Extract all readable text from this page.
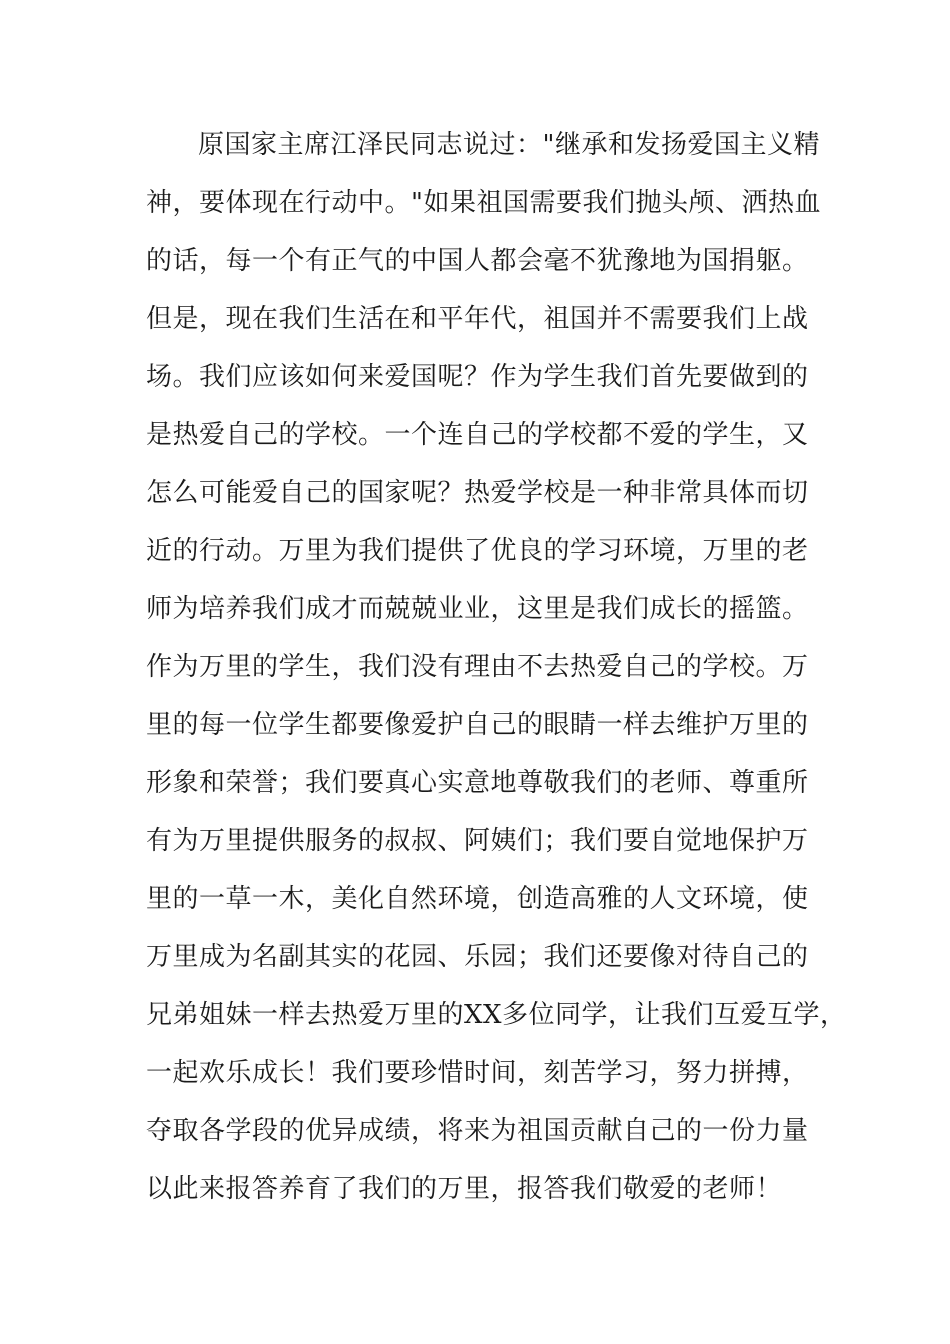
原国家主席江泽民同志说过："继承和发扬爱国主义精
神，要体现在行动中。"如果祖国需要我们抛头颅、洒热血
的话，每一个有正气的中国人都会毫不犹豫地为国捐躯。
但是，现在我们生活在和平年代，祖国并不需要我们上战
场。我们应该如何来爱国呢？作为学生我们首先要做到的
是热爱自己的学校。一个连自己的学校都不爱的学生，又
怎么可能爱自己的国家呢？热爱学校是一种非常具体而切
近的行动。万里为我们提供了优良的学习环境，万里的老
师为培养我们成才而兢兢业业，这里是我们成长的摇篮。
作为万里的学生，我们没有理由不去热爱自己的学校。万
里的每一位学生都要像爱护自己的眼睛一样去维护万里的
形象和荣誉；我们要真心实意地尊敬我们的老师、尊重所
有为万里提供服务的叔叔、阿姨们；我们要自觉地保护万
里的一草一木，美化自然环境，创造高雅的人文环境，使
万里成为名副其实的花园、乐园；我们还要像对待自己的
兄弟姐妹一样去热爱万里的XX多位同学，让我们互爱互学，
一起欢乐成长！我们要珍惜时间，刻苦学习，努力拼搏，
夺取各学段的优异成绩，将来为祖国贡献自己的一份力量
以此来报答养育了我们的万里，报答我们敬爱的老师！
